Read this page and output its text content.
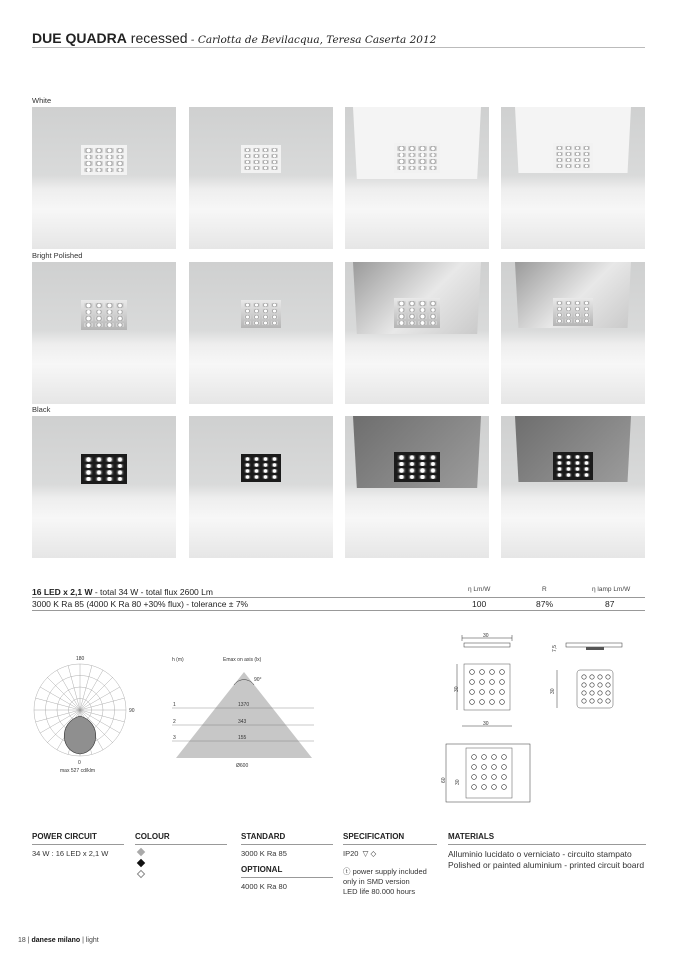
DUE QUADRA recessed - Carlotta de Bevilacqua, Teresa Caserta 2012
White
Bright Polished
Black
16 LED x 2,1 W - total 34 W - total flux 2600 Lm	η Lm/W	R	η lamp Lm/W
3000 K Ra 85 (4000 K Ra 80 +30% flux) - tolerance ± 7%	100	87%	87
180
90
0
max 527 cd/klm
h (m)	Emax on axis (lx)
90°
1	1370
2	343
3	155
Ø600
30
30
7,5
30
30
30
60
POWER CIRCUIT
34 W : 16 LED x 2,1 W
COLOUR	STANDARD
3000 K Ra 85
OPTIONAL
4000 K Ra 80
SPECIFICATION
IP20 ▽ ◇
ⓣ power supply included only in SMD version
LED life 80.000 hours
MATERIALS
Alluminio lucidato o verniciato - circuito stampato
Polished or painted aluminium - printed circuit board
18 | danese milano | light
